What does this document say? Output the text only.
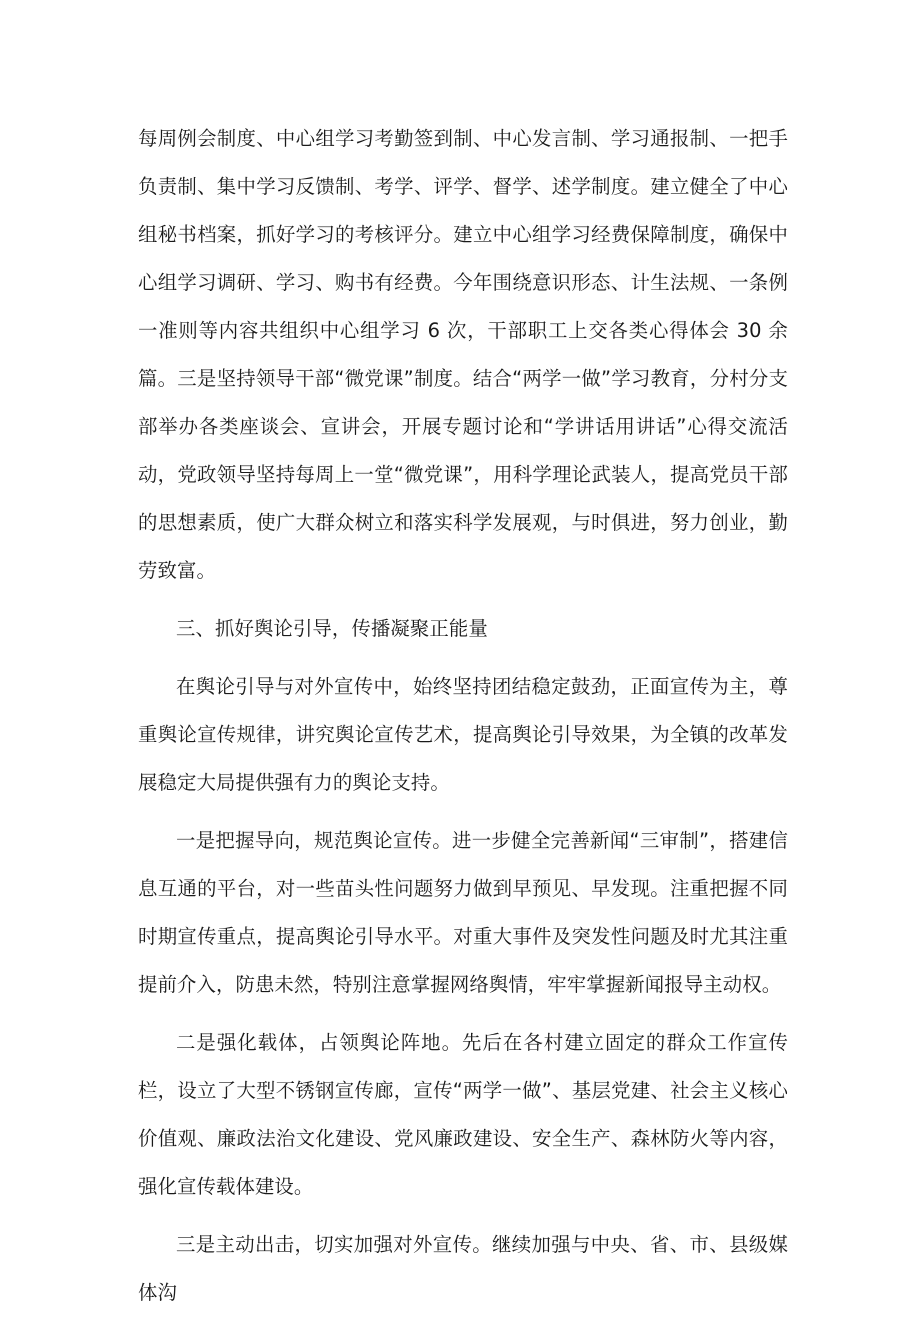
每周例会制度、中心组学习考勤签到制、中心发言制、学习通报制、一把手负责制、集中学习反馈制、考学、评学、督学、述学制度。建立健全了中心组秘书档案，抓好学习的考核评分。建立中心组学习经费保障制度，确保中心组学习调研、学习、购书有经费。今年围绕意识形态、计生法规、一条例一准则等内容共组织中心组学习 6 次，干部职工上交各类心得体会 30 余篇。三是坚持领导干部“微党课”制度。结合“两学一做”学习教育，分村分支部举办各类座谈会、宣讲会，开展专题讨论和“学讲话用讲话”心得交流活动，党政领导坚持每周上一堂“微党课”，用科学理论武装人，提高党员干部的思想素质，使广大群众树立和落实科学发展观，与时俱进，努力创业，勤劳致富。

三、抓好舆论引导，传播凝聚正能量

在舆论引导与对外宣传中，始终坚持团结稳定鼓劲，正面宣传为主，尊重舆论宣传规律，讲究舆论宣传艺术，提高舆论引导效果，为全镇的改革发展稳定大局提供强有力的舆论支持。

一是把握导向，规范舆论宣传。进一步健全完善新闻“三审制”，搭建信息互通的平台，对一些苗头性问题努力做到早预见、早发现。注重把握不同时期宣传重点，提高舆论引导水平。对重大事件及突发性问题及时尤其注重提前介入，防患未然，特别注意掌握网络舆情，牢牢掌握新闻报导主动权。

二是强化载体，占领舆论阵地。先后在各村建立固定的群众工作宣传栏，设立了大型不锈钢宣传廊，宣传“两学一做”、基层党建、社会主义核心价值观、廉政法治文化建设、党风廉政建设、安全生产、森林防火等内容，强化宣传载体建设。

三是主动出击，切实加强对外宣传。继续加强与中央、省、市、县级媒体沟
